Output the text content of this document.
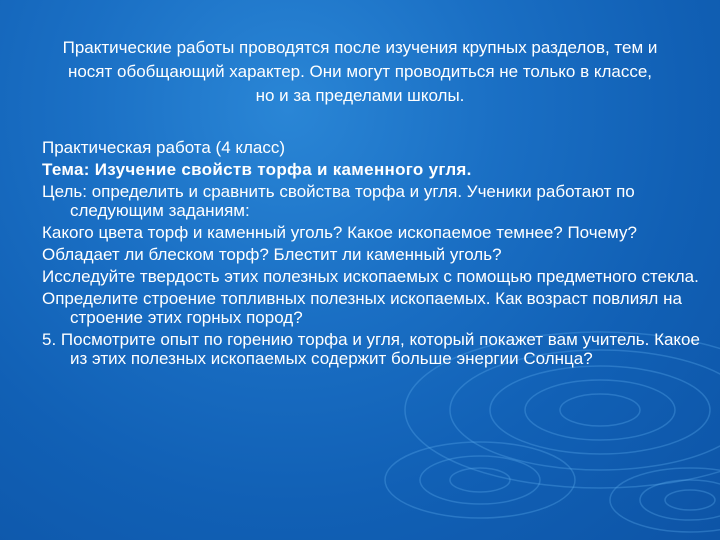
Практические работы проводятся после изучения крупных разделов, тем и носят обобщающий характер. Они могут проводиться не только в классе, но и за пределами школы.

Практическая работа (4 класс)

Тема: Изучение свойств торфа и каменного угля.

Цель: определить и сравнить свойства торфа и угля. Ученики работают по следующим заданиям:

Какого цвета торф и каменный уголь? Какое ископаемое темнее? Почему?

Обладает ли блеском торф? Блестит ли каменный уголь?

Исследуйте твердость этих полезных ископаемых с помощью предметного стекла.

Определите строение топливных полезных ископаемых. Как возраст повлиял на строение этих горных пород?

5. Посмотрите опыт по горению торфа и угля, который покажет вам учитель. Какое из этих полезных ископаемых содержит больше энергии Солнца?
